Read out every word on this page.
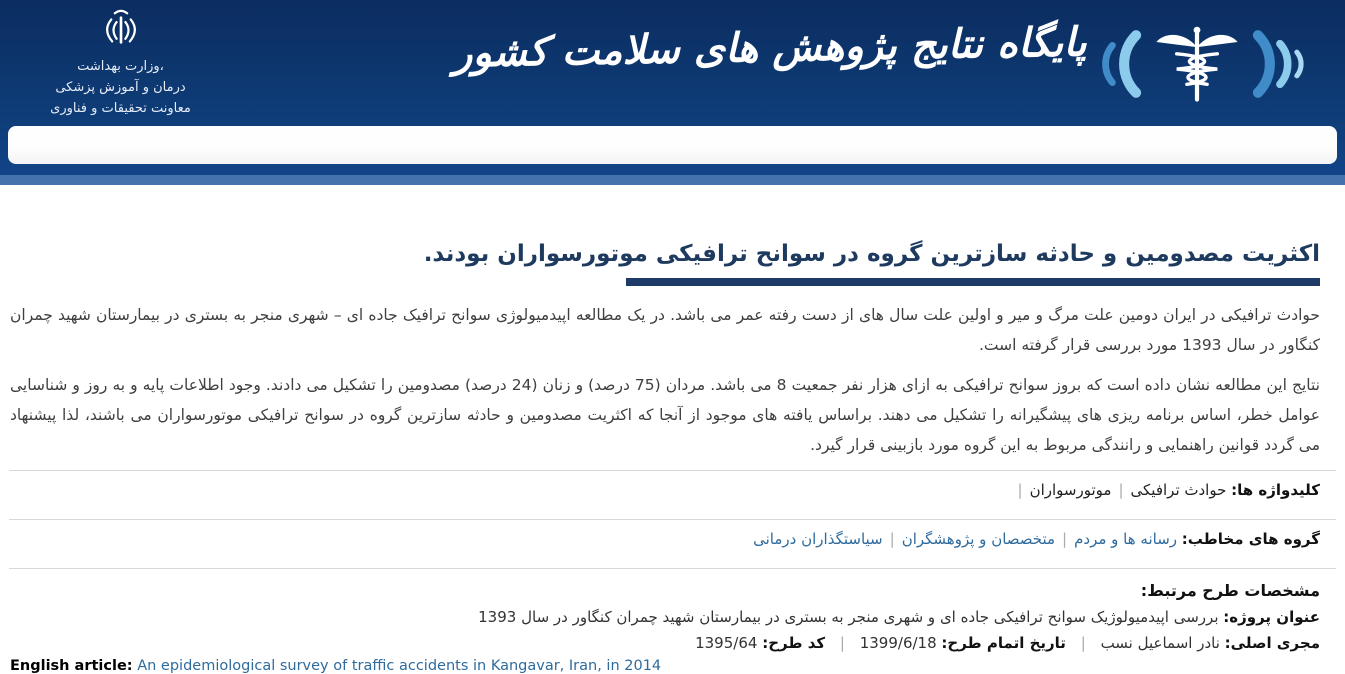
وزارت بهداشت،
درمان و آموزش پزشکی
معاونت تحقیقات و فناوری
پایگاه نتایج پژوهش های سلامت کشور
اکثریت مصدومین و حادثه سازترین گروه در سوانح ترافیکی موتورسواران بودند.

حوادث ترافیکی در ایران دومین علت مرگ و میر و اولین علت سال های از دست رفته عمر می باشد. در یک مطالعه اپیدمیولوژی سوانح ترافیک جاده ای – شهری منجر به بستری در بیمارستان شهید چمران کنگاور در سال 1393 مورد بررسی قرار گرفته است.

نتایج این مطالعه نشان داده است که بروز سوانح ترافیکی به ازای هزار نفر جمعیت 8 می باشد. مردان (75 درصد) و زنان (24 درصد) مصدومین را تشکیل می دادند. وجود اطلاعات پایه و به روز و شناسایی عوامل خطر، اساس برنامه ریزی های پیشگیرانه را تشکیل می دهند. براساس یافته های موجود از آنجا که اکثریت مصدومین و حادثه سازترین گروه در سوانح ترافیکی موتورسواران می باشند، لذا پیشنهاد می گردد قوانین راهنمایی و رانندگی مربوط به این گروه مورد بازبینی قرار گیرد.

کلیدواژه ها: حوادث ترافیکی|موتورسواران|
گروه های مخاطب: رسانه ها و مردم|متخصصان و پژوهشگران|سیاستگذاران درمانی
مشخصات طرح مرتبط:
عنوان پروژه: بررسی اپیدمیولوژیک سوانح ترافیکی جاده ای و شهری منجر به بستری در بیمارستان شهید چمران کنگاور در سال 1393
مجری اصلی: نادر اسماعیل نسب | تاریخ اتمام طرح: 1399/6/18 | کد طرح: 1395/64
English article: An epidemiological survey of traffic accidents in Kangavar, Iran, in 2014
